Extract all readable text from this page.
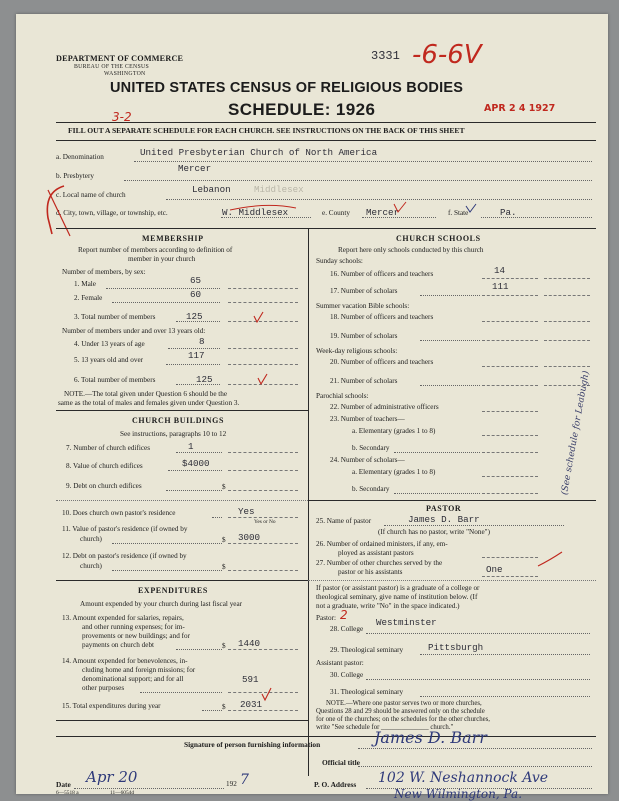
DEPARTMENT OF COMMERCE
BUREAU OF THE CENSUS
WASHINGTON
3331 -6-6V
UNITED STATES CENSUS OF RELIGIOUS BODIES
SCHEDULE: 1926
3-2
APR 2 4 1927
FILL OUT A SEPARATE SCHEDULE FOR EACH CHURCH. SEE INSTRUCTIONS ON THE BACK OF THIS SHEET
a. Denomination	United Presbyterian Church of North America
b. Presbytery
Mercer
c. Local name of church	Lebanon	Middlesex
d. City, town, village, or township, etc.	W. Middlesex	e. County Mercer	f. State	Pa.
MEMBERSHIP
Report number of members according to definition of
member in your church
Number of members, by sex:
1. Male	65
2. Female	60
3. Total number of members	125
Number of members under and over 13 years old:
4. Under 13 years of age	8
5. 13 years old and over	117
6. Total number of members	125
NOTE.—The total given under Question 6 should be the
same as the total of males and females given under Question 3.
CHURCH BUILDINGS
See instructions, paragraphs 10 to 12
7. Number of church edifices	1
8. Value of church edifices	$4000
9. Debt on church edifices	$
10. Does church own pastor's residence	Yes
Yes or No
11. Value of pastor's residence (if owned by
church)	$ 3000
12. Debt on pastor's residence (if owned by
church)	$
EXPENDITURES
Amount expended by your church during last fiscal year
13. Amount expended for salaries, repairs,
and other running expenses; for im-
provements or new buildings; and for
payments on church debt	$ 1440
14. Amount expended for benevolences, in-
cluding home and foreign missions; for
denominational support; and for all
other purposes
591
15. Total expenditures during year	$ 2031
CHURCH SCHOOLS
Report here only schools conducted by this church
Sunday schools:
16. Number of officers and teachers	14
17. Number of scholars	111
Summer vacation Bible schools:
18. Number of officers and teachers
19. Number of scholars
Week-day religious schools:
20. Number of officers and teachers
21. Number of scholars
Parochial schools:
22. Number of administrative officers
23. Number of teachers—
a. Elementary (grades 1 to 8)
b. Secondary
24. Number of scholars—
a. Elementary (grades 1 to 8)
b. Secondary	(See schedule for Leabugh)
PASTOR
25. Name of pastor	James D. Barr
(If church has no pastor, write "None")
26. Number of ordained ministers, if any, em-
ployed as assistant pastors
27. Number of other churches served by the
pastor or his assistants	One
If pastor (or assistant pastor) is a graduate of a college or
theological seminary, give name of institution below. (If
not a graduate, write "No" in the space indicated.)
Pastor: 2
28. College
Westminster
29. Theological seminary	Pittsburgh
Assistant pastor:
30. College
31. Theological seminary
NOTE.—Where one pastor serves two or more churches,
Questions 28 and 29 should be answered only on the schedule
for one of the churches; on the schedules for the other churches,
write "See schedule for ______________ church."
Signature of person furnishing information	James D. Barr
Official title
Date Apr 20	192 7	P. O. Address 102 W. Neshannock Ave
New Wilmington, Pa.
6—5518 a	11—6054d
